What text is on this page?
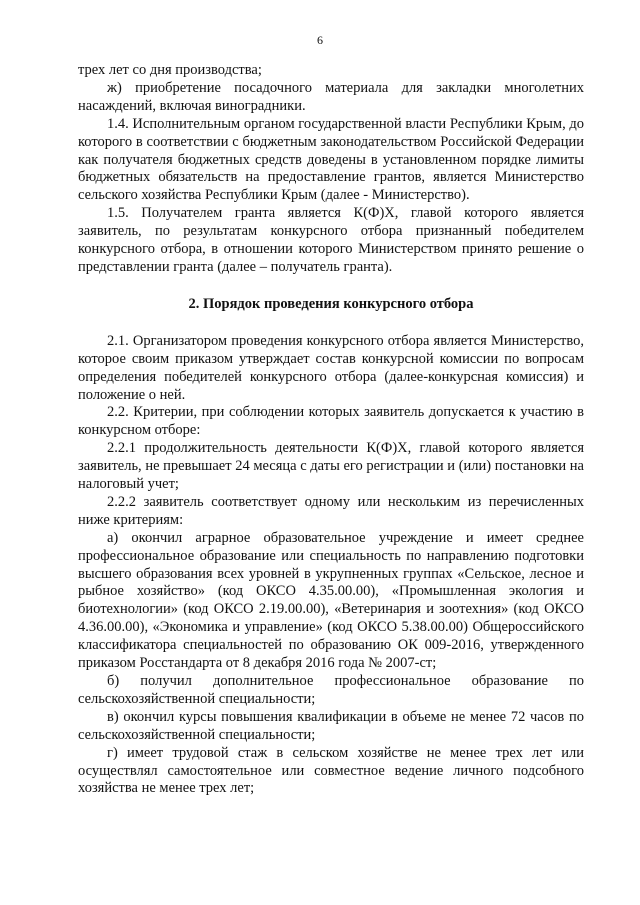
6

трех лет со дня производства;

ж) приобретение посадочного материала для закладки многолетних насаждений, включая виноградники.

1.4. Исполнительным органом государственной власти Республики Крым, до которого в соответствии с бюджетным законодательством Российской Федерации как получателя бюджетных средств доведены в установленном порядке лимиты бюджетных обязательств на предоставление грантов, является Министерство сельского хозяйства Республики Крым (далее - Министерство).

1.5. Получателем гранта является К(Ф)Х, главой которого является заявитель, по результатам конкурсного отбора признанный победителем конкурсного отбора, в отношении которого Министерством принято решение о представлении гранта (далее – получатель гранта).

2. Порядок проведения конкурсного отбора

2.1. Организатором проведения конкурсного отбора является Министерство, которое своим приказом утверждает состав конкурсной комиссии по вопросам определения победителей конкурсного отбора (далее-конкурсная комиссия) и положение о ней.

2.2. Критерии, при соблюдении которых заявитель допускается к участию в конкурсном отборе:

2.2.1 продолжительность деятельности К(Ф)Х, главой которого является заявитель, не превышает 24 месяца с даты его регистрации и (или) постановки на налоговый учет;

2.2.2 заявитель соответствует одному или нескольким из перечисленных ниже критериям:

а) окончил аграрное образовательное учреждение и имеет среднее профессиональное образование или специальность по направлению подготовки высшего образования всех уровней в укрупненных группах «Сельское, лесное и рыбное хозяйство» (код ОКСО 4.35.00.00), «Промышленная экология и биотехнологии» (код ОКСО 2.19.00.00), «Ветеринария и зоотехния» (код ОКСО 4.36.00.00), «Экономика и управление» (код ОКСО 5.38.00.00) Общероссийского классификатора специальностей по образованию ОК 009-2016, утвержденного приказом Росстандарта от 8 декабря 2016 года № 2007-ст;

б) получил дополнительное профессиональное образование по сельскохозяйственной специальности;

в) окончил курсы повышения квалификации в объеме не менее 72 часов по сельскохозяйственной специальности;

г) имеет трудовой стаж в сельском хозяйстве не менее трех лет или осуществлял самостоятельное или совместное ведение личного подсобного хозяйства не менее трех лет;
